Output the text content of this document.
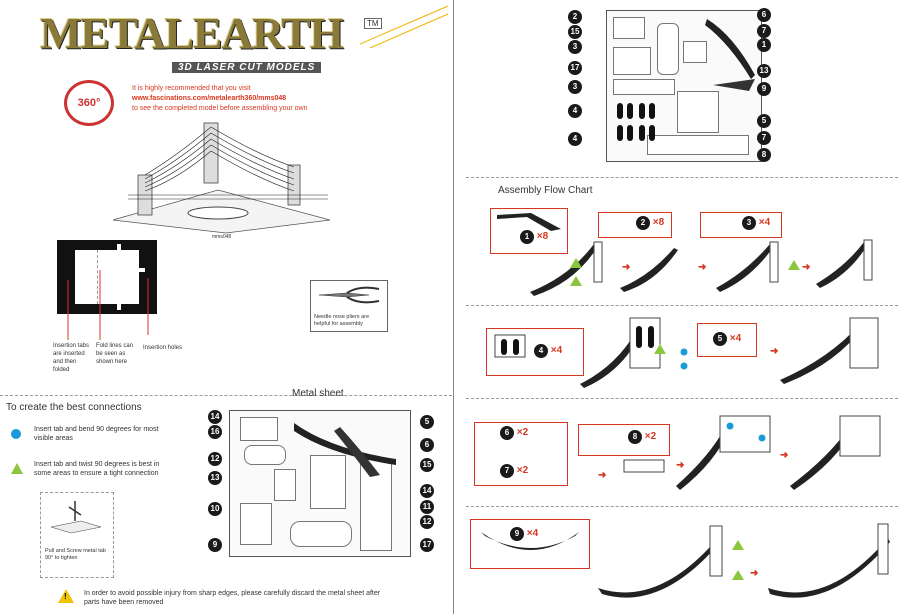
METALEARTH	TM
3D LASER CUT MODELS
360°
It is highly recommended that you visit
www.fascinations.com/metalearth360/mms048
to see the completed model before assembling your own
mms048
Insertion tabs are inserted and then folded
Fold lines can be seen as shown here
Insertion holes
Needle nose pliers are helpful for assembly
To create the best connections
Insert tab and bend 90 degrees for most visible areas
Insert tab and twist 90 degrees is best in some areas to ensure a tight connection
Pull and Screw metal tab 90° to tighten
Metal sheet
14
16
12
13
10
9
5
6
15
14
11
12
17
! In order to avoid possible injury from sharp edges, please carefully discard the metal sheet after parts have been removed
2
15
3
17
3
4
4
6
7
1
13
9
5
7
8
Assembly Flow Chart
1 ×8
2 ×8	3 ×4
➜	➜	➜
4 ×4
5 ×4
➜
6 ×2
7 ×2
8 ×2
➜
➜
➜
9 ×4
➜
